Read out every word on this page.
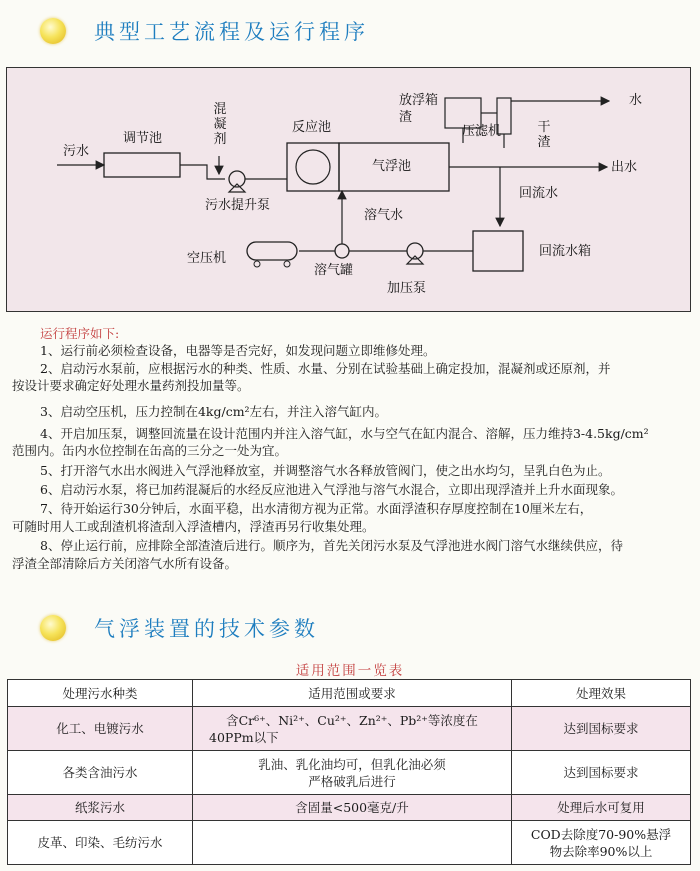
典型工艺流程及运行程序
污水
调节池
混凝剂
污水提升泵
反应池
气浮池
溶气水
空压机
溶气罐
加压泵
放浮箱渣
压滤机
水
干渣
出水
回流水
回流水箱
运行程序如下:
1、运行前必须检查设备，电器等是否完好，如发现问题立即维修处理。
2、启动污水泵前，应根据污水的种类、性质、水量、分别在试验基础上确定投加，混凝剂或还原剂，并
按设计要求确定好处理水量药剂投加量等。
3、启动空压机，压力控制在4kg/cm²左右，并注入溶气缸内。
4、开启加压泵，调整回流量在设计范围内并注入溶气缸，水与空气在缸内混合、溶解，压力维持3-4.5kg/cm²
范围内。缶内水位控制在缶高的三分之一处为宜。
5、打开溶气水出水阀进入气浮池释放室，并调整溶气水各释放管阀门，使之出水均匀，呈乳白色为止。
6、启动污水泵，将已加药混凝后的水经反应池进入气浮池与溶气水混合，立即出现浮渣并上升水面现象。
7、待开始运行30分钟后，水面平稳，出水清彻方视为正常。水面浮渣积存厚度控制在10厘米左右，
可随时用人工或刮渣机将渣刮入浮渣槽内，浮渣再另行收集处理。
8、停止运行前，应排除全部渣渣后进行。顺序为，首先关闭污水泵及气浮池进水阀门溶气水继续供应，待
浮渣全部清除后方关闭溶气水所有设备。
气浮装置的技术参数
适用范围一览表
处理污水种类	适用范围或要求	处理效果
化工、电镀污水	含Cr⁶⁺、Ni²⁺、Cu²⁺、Zn²⁺、Pb²⁺等浓度在
40PPm以下	达到国标要求

各类含油污水	乳油、乳化油均可，但乳化油必须
严格破乳后进行	达到国标要求

纸浆污水	含固量<500毫克/升	处理后水可复用

皮革、印染、毛纺污水		COD去除度70-90%悬浮
物去除率90%以上
